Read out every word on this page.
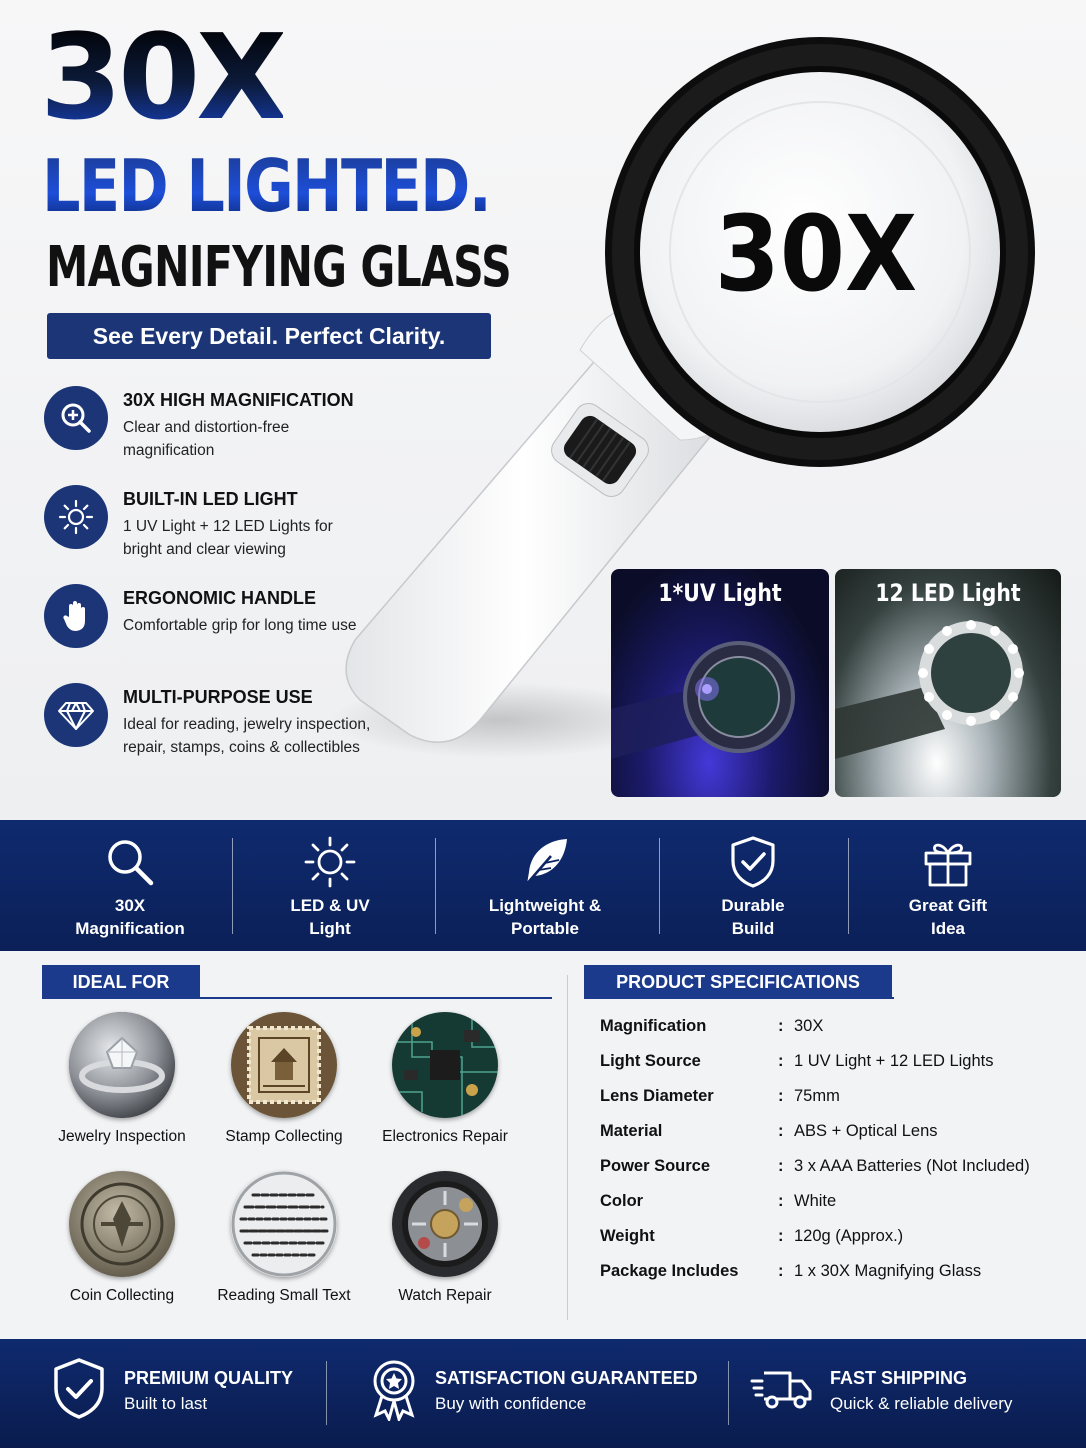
30X
30X
LED LIGHTED.
MAGNIFYING GLASS
See Every Detail. Perfect Clarity.
30X HIGH MAGNIFICATION
Clear and distortion-free magnification
BUILT-IN LED LIGHT
1 UV Light + 12 LED Lights for bright and clear viewing
ERGONOMIC HANDLE
Comfortable grip for long time use
MULTI-PURPOSE USE
Ideal for reading, jewelry inspection, repair, stamps, coins & collectibles
1*UV Light	12 LED Light
30X
Magnification
LED & UV
Light
Lightweight &
Portable
Durable
Build
Great Gift
Idea
IDEAL FOR
Jewelry Inspection	Stamp Collecting	Electronics Repair
Coin Collecting	Reading Small Text	Watch Repair
PRODUCT SPECIFICATIONS
Magnification	: 30X
Light Source	: 1 UV Light + 12 LED Lights
Lens Diameter	: 75mm
Material	: ABS + Optical Lens
Power Source	: 3 x AAA Batteries (Not Included)
Color	: White
Weight	: 120g (Approx.)
Package Includes : 1 x 30X Magnifying Glass
PREMIUM QUALITY
Built to last
SATISFACTION GUARANTEED
Buy with confidence
FAST SHIPPING
Quick & reliable delivery
